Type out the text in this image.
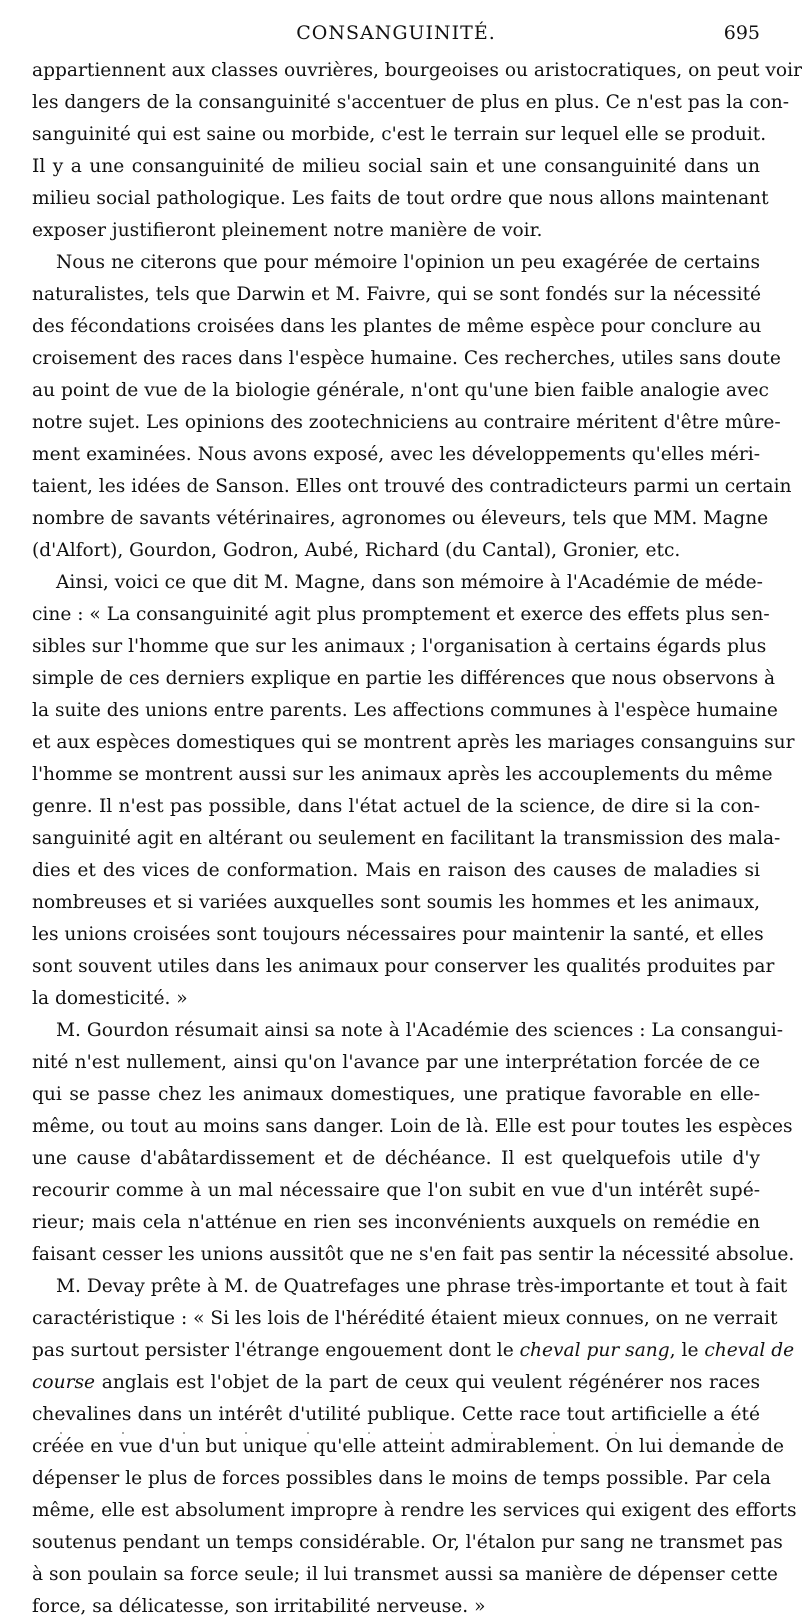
CONSANGUINITÉ.	695
appartiennent aux classes ouvrières, bourgeoises ou aristocratiques, on peut voir
les dangers de la consanguinité s'accentuer de plus en plus. Ce n'est pas la con-
sanguinité qui est saine ou morbide, c'est le terrain sur lequel elle se produit.
Il y a une consanguinité de milieu social sain et une consanguinité dans un
milieu social pathologique. Les faits de tout ordre que nous allons maintenant
exposer justifieront pleinement notre manière de voir.
Nous ne citerons que pour mémoire l'opinion un peu exagérée de certains
naturalistes, tels que Darwin et M. Faivre, qui se sont fondés sur la nécessité
des fécondations croisées dans les plantes de même espèce pour conclure au
croisement des races dans l'espèce humaine. Ces recherches, utiles sans doute
au point de vue de la biologie générale, n'ont qu'une bien faible analogie avec
notre sujet. Les opinions des zootechniciens au contraire méritent d'être mûre-
ment examinées. Nous avons exposé, avec les développements qu'elles méri-
taient, les idées de Sanson. Elles ont trouvé des contradicteurs parmi un certain
nombre de savants vétérinaires, agronomes ou éleveurs, tels que MM. Magne
(d'Alfort), Gourdon, Godron, Aubé, Richard (du Cantal), Gronier, etc.
Ainsi, voici ce que dit M. Magne, dans son mémoire à l'Académie de méde-
cine : « La consanguinité agit plus promptement et exerce des effets plus sen-
sibles sur l'homme que sur les animaux ; l'organisation à certains égards plus
simple de ces derniers explique en partie les différences que nous observons à
la suite des unions entre parents. Les affections communes à l'espèce humaine
et aux espèces domestiques qui se montrent après les mariages consanguins sur
l'homme se montrent aussi sur les animaux après les accouplements du même
genre. Il n'est pas possible, dans l'état actuel de la science, de dire si la con-
sanguinité agit en altérant ou seulement en facilitant la transmission des mala-
dies et des vices de conformation. Mais en raison des causes de maladies si
nombreuses et si variées auxquelles sont soumis les hommes et les animaux,
les unions croisées sont toujours nécessaires pour maintenir la santé, et elles
sont souvent utiles dans les animaux pour conserver les qualités produites par
la domesticité. »
M. Gourdon résumait ainsi sa note à l'Académie des sciences : La consangui-
nité n'est nullement, ainsi qu'on l'avance par une interprétation forcée de ce
qui se passe chez les animaux domestiques, une pratique favorable en elle-
même, ou tout au moins sans danger. Loin de là. Elle est pour toutes les espèces
une cause d'abâtardissement et de déchéance. Il est quelquefois utile d'y
recourir comme à un mal nécessaire que l'on subit en vue d'un intérêt supé-
rieur; mais cela n'atténue en rien ses inconvénients auxquels on remédie en
faisant cesser les unions aussitôt que ne s'en fait pas sentir la nécessité absolue.
M. Devay prête à M. de Quatrefages une phrase très-importante et tout à fait
caractéristique : « Si les lois de l'hérédité étaient mieux connues, on ne verrait
pas surtout persister l'étrange engouement dont le cheval pur sang, le cheval de
course anglais est l'objet de la part de ceux qui veulent régénérer nos races
chevalines dans un intérêt d'utilité publique. Cette race tout artificielle a été
créée en vue d'un but unique qu'elle atteint admirablement. On lui demande de
dépenser le plus de forces possibles dans le moins de temps possible. Par cela
même, elle est absolument impropre à rendre les services qui exigent des efforts
soutenus pendant un temps considérable. Or, l'étalon pur sang ne transmet pas
à son poulain sa force seule; il lui transmet aussi sa manière de dépenser cette
force, sa délicatesse, son irritabilité nerveuse. »
